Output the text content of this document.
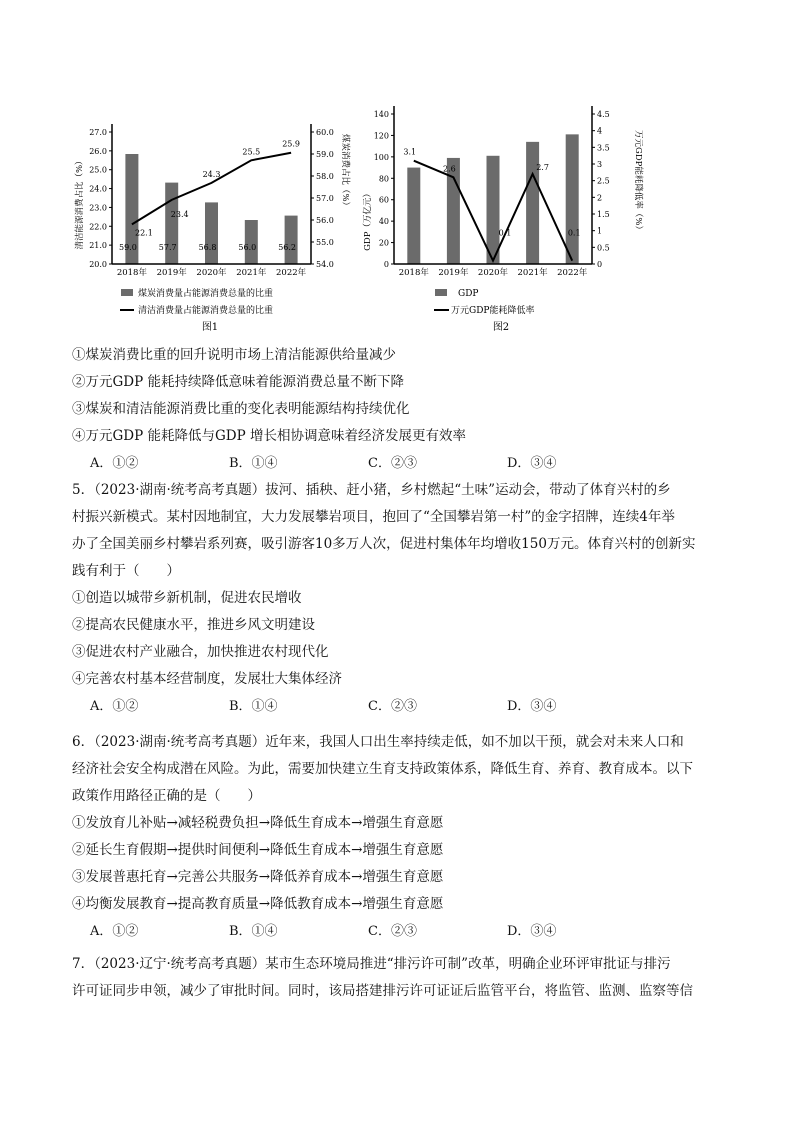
2018年 2019年 2020年 2021年 2022年
59.0	57.7	56.8	56.0	56.2
22.1
23.4
24.3
25.5
25.9
20.0
21.0
22.0
23.0
24.0
25.0
26.0
27.0
54.0
55.0
56.0
57.0
58.0
59.0
60.0
清洁能源消费占比（%）	煤炭消费占比（%）
煤炭消费量占能源消费总量的比重
清洁消费量占能源消费总量的比重
图1
2018年 2019年 2020年 2021年 2022年
3.1
2.6
0.1
2.7
0.1
0
20
40
60
80
100
120
140
0
0.5
1
1.5
2
2.5
3
3.5
4
4.5
GDP（万亿元）	万元GDP能耗降低率（%）
GDP
万元GDP能耗降低率
图2
①煤炭消费比重的回升说明市场上清洁能源供给量减少
②万元GDP 能耗持续降低意味着能源消费总量不断下降
③煤炭和清洁能源消费比重的变化表明能源结构持续优化
④万元GDP 能耗降低与GDP 增长相协调意味着经济发展更有效率
A．①②	B．①④	C．②③	D．③④
5．（2023·湖南·统考高考真题）拔河、插秧、赶小猪，乡村燃起“土味”运动会，带动了体育兴村的乡
村振兴新模式。某村因地制宜，大力发展攀岩项目，抱回了“全国攀岩第一村”的金字招牌，连续4年举
办了全国美丽乡村攀岩系列赛，吸引游客10多万人次，促进村集体年均增收150万元。体育兴村的创新实
践有利于（　　）
①创造以城带乡新机制，促进农民增收
②提高农民健康水平，推进乡风文明建设
③促进农村产业融合，加快推进农村现代化
④完善农村基本经营制度，发展壮大集体经济
A．①②	B．①④	C．②③	D．③④
6．（2023·湖南·统考高考真题）近年来，我国人口出生率持续走低，如不加以干预，就会对未来人口和
经济社会安全构成潜在风险。为此，需要加快建立生育支持政策体系，降低生育、养育、教育成本。以下
政策作用路径正确的是（　　）
①发放育儿补贴→减轻税费负担→降低生育成本→增强生育意愿
②延长生育假期→提供时间便利→降低生育成本→增强生育意愿
③发展普惠托育→完善公共服务→降低养育成本→增强生育意愿
④均衡发展教育→提高教育质量→降低教育成本→增强生育意愿
A．①②	B．①④	C．②③	D．③④
7．（2023·辽宁·统考高考真题）某市生态环境局推进“排污许可制”改革，明确企业环评审批证与排污
许可证同步申领，减少了审批时间。同时，该局搭建排污许可证证后监管平台，将监管、监测、监察等信
